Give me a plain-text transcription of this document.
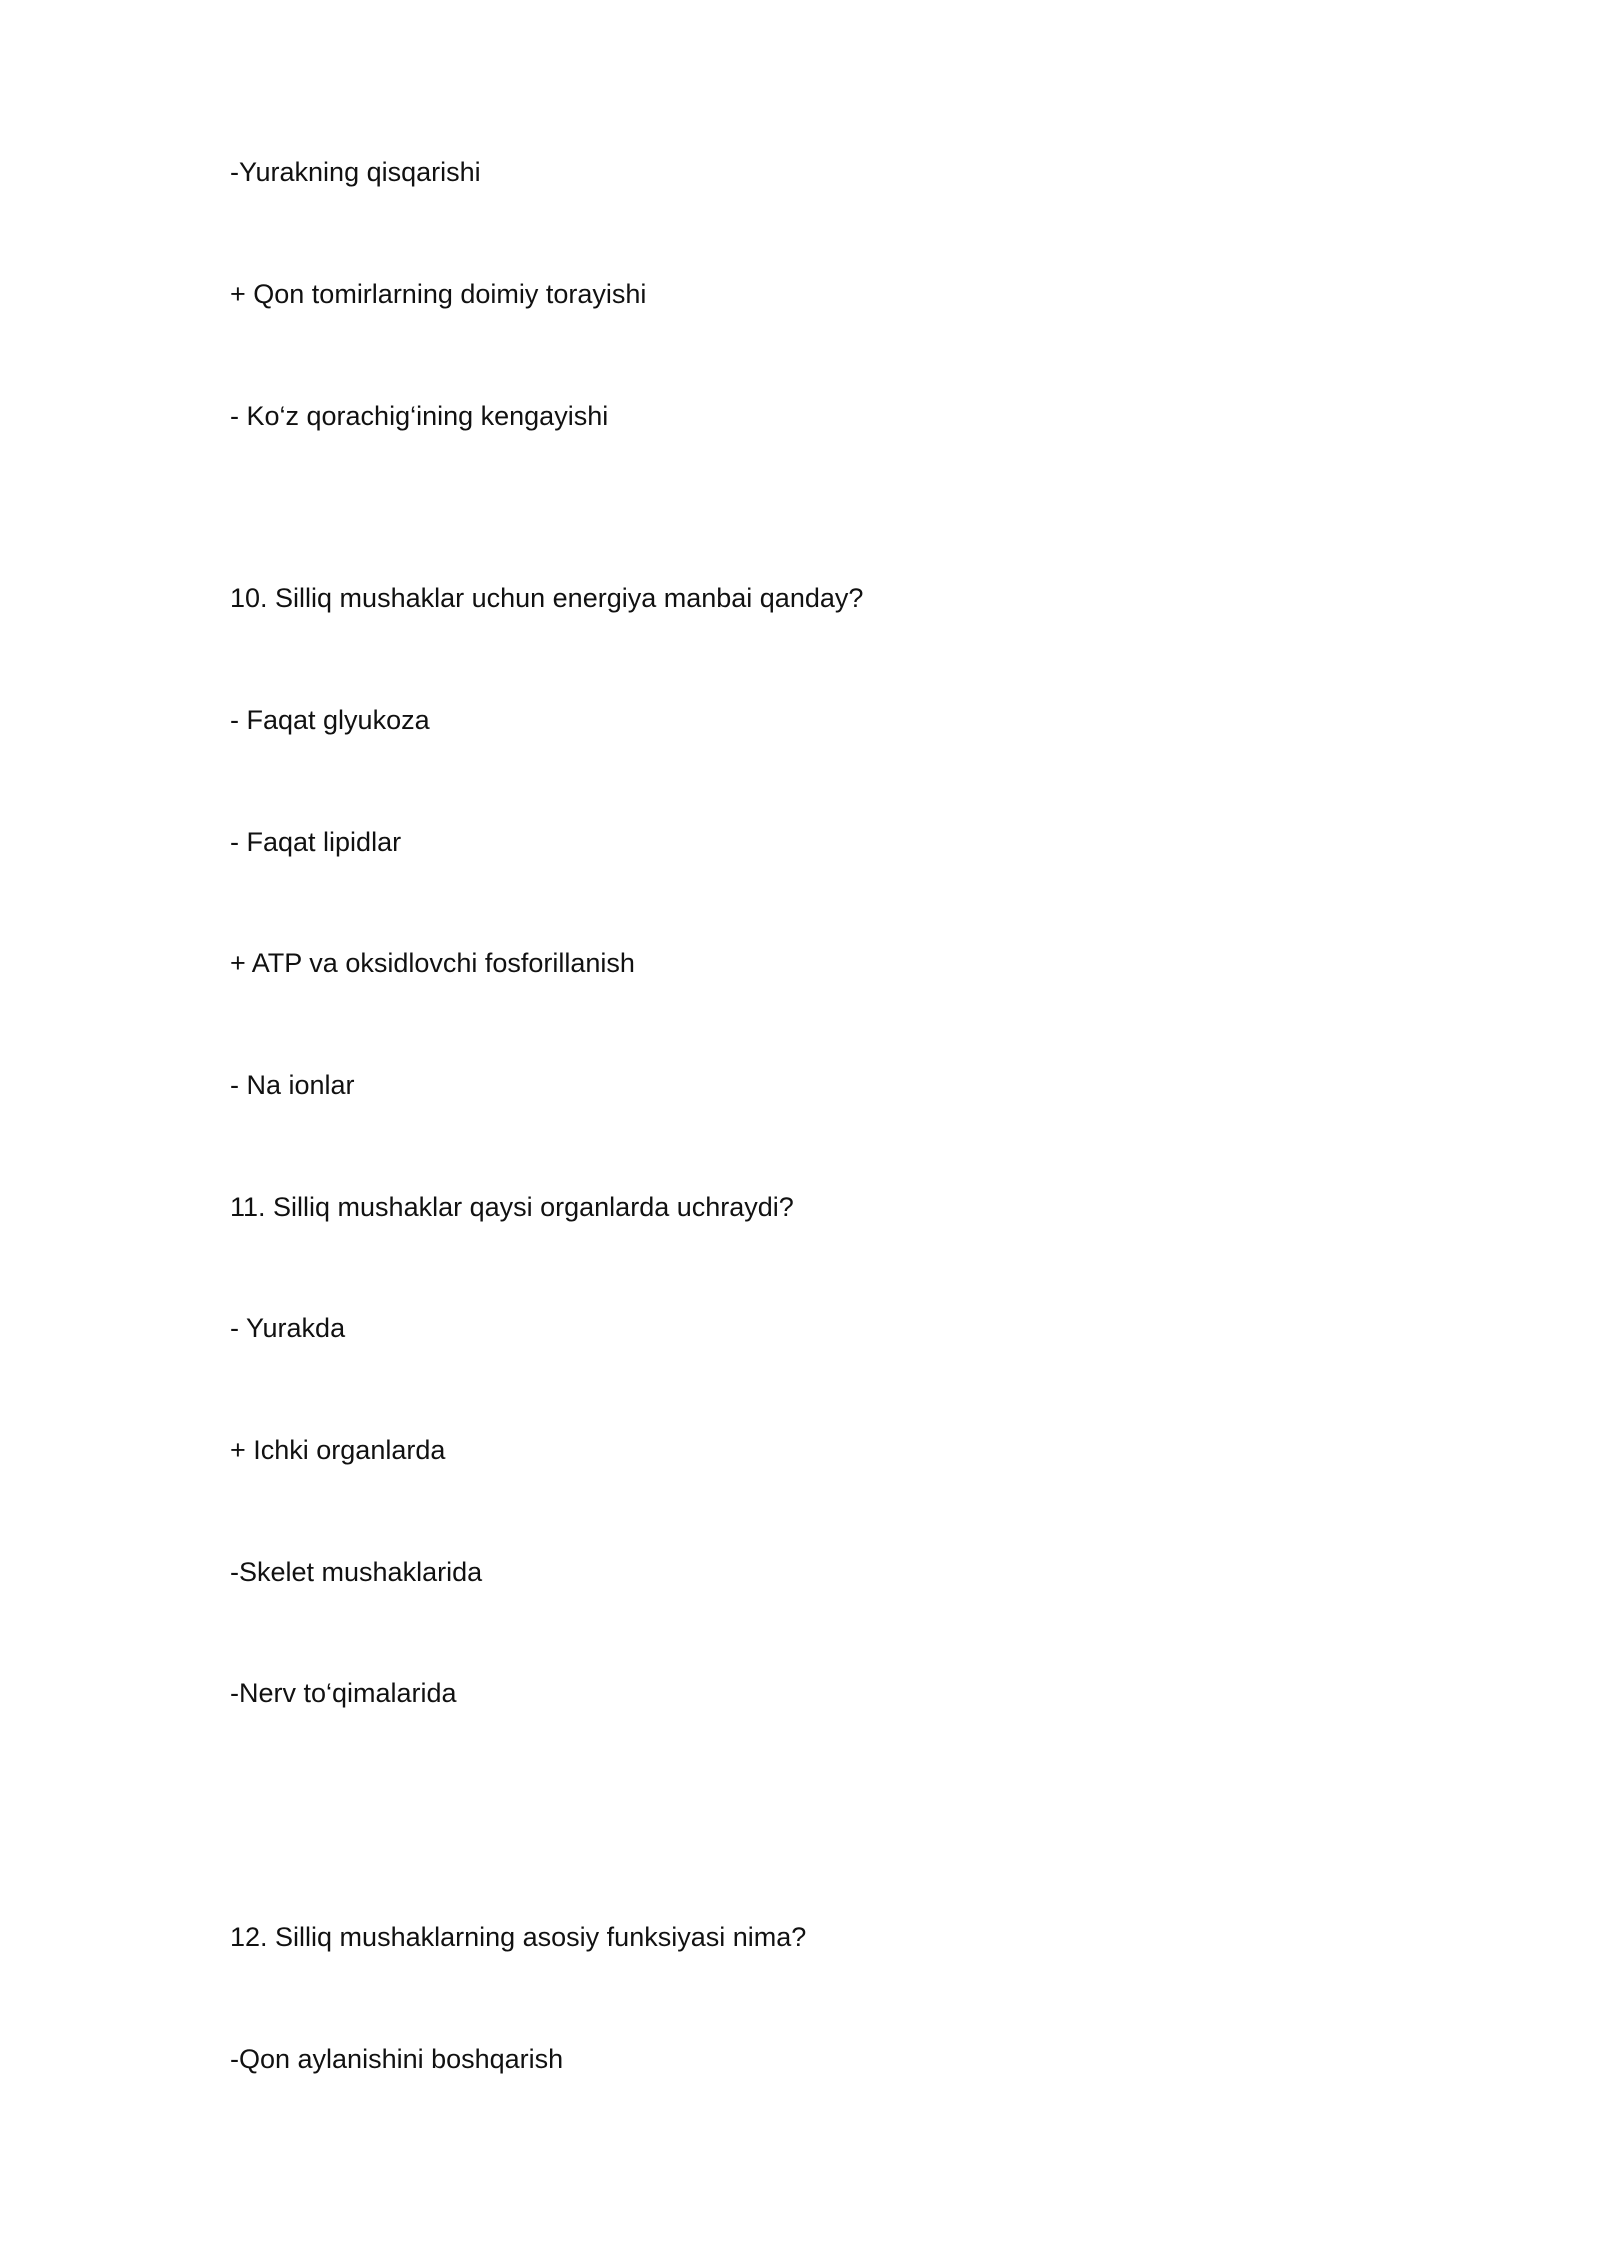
-Yurakning qisqarishi
+ Qon tomirlarning doimiy torayishi
- Ko‘z qorachig‘ining kengayishi
10. Silliq mushaklar uchun energiya manbai qanday?
- Faqat glyukoza
- Faqat lipidlar
+ ATP va oksidlovchi fosforillanish
- Na ionlar
11. Silliq mushaklar qaysi organlarda uchraydi?
- Yurakda
+ Ichki organlarda
-Skelet mushaklarida
-Nerv to‘qimalarida
12. Silliq mushaklarning asosiy funksiyasi nima?
-Qon aylanishini boshqarish
